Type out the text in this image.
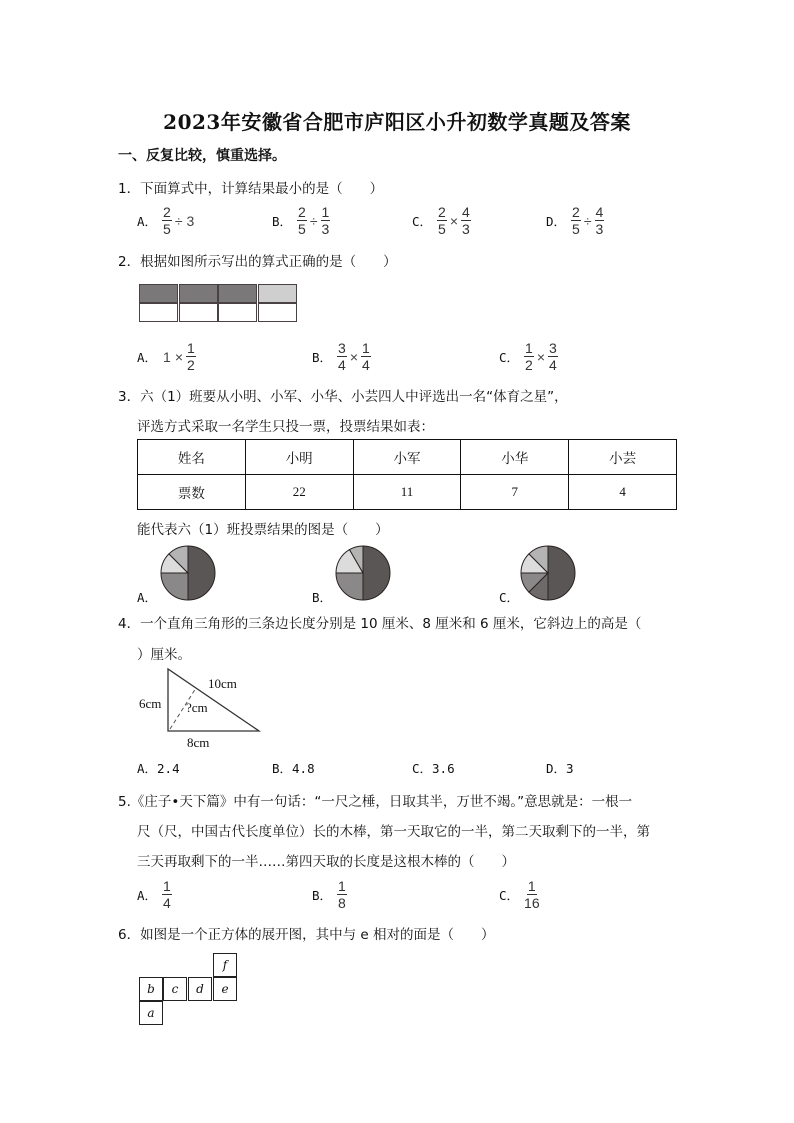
2023年安徽省合肥市庐阳区小升初数学真题及答案
一、反复比较，慎重选择。
1．下面算式中，计算结果最小的是（　　）
A． $\frac{2}{5} \div 3$	B． $\frac{2}{5} \div \frac{1}{3}$	C． $\frac{2}{5} \times \frac{4}{3}$	D． $\frac{2}{5} \div \frac{4}{3}$
2．根据如图所示写出的算式正确的是（　　）
A． $1 \times \frac{1}{2}$	B． $\frac{3}{4} \times \frac{1}{4}$	C． $\frac{1}{2} \times \frac{3}{4}$
3．六（1）班要从小明、小军、小华、小芸四人中评选出一名“体育之星”，
评选方式采取一名学生只投一票，投票结果如表：
姓名	小明	小军	小华	小芸
票数	22	11	7	4
能代表六（1）班投票结果的图是（　　）
A．	B．	C．
4．一个直角三角形的三条边长度分别是 10 厘米、8 厘米和 6 厘米，它斜边上的高是（
）厘米。
10cm
6cm ?cm
8cm
A．2.4	B．4.8	C．3.6	D．3
5.《庄子•天下篇》中有一句话：“一尺之棰，日取其半，万世不竭。”意思就是：一根一
尺（尺，中国古代长度单位）长的木棒，第一天取它的一半，第二天取剩下的一半，第
三天再取剩下的一半……第四天取的长度是这根木棒的（　　）
A． $\frac{1}{4}$	B． $\frac{1}{8}$	C． $\frac{1}{16}$
6．如图是一个正方体的展开图，其中与 e 相对的面是（　　）
f
b	c	d	e
a
